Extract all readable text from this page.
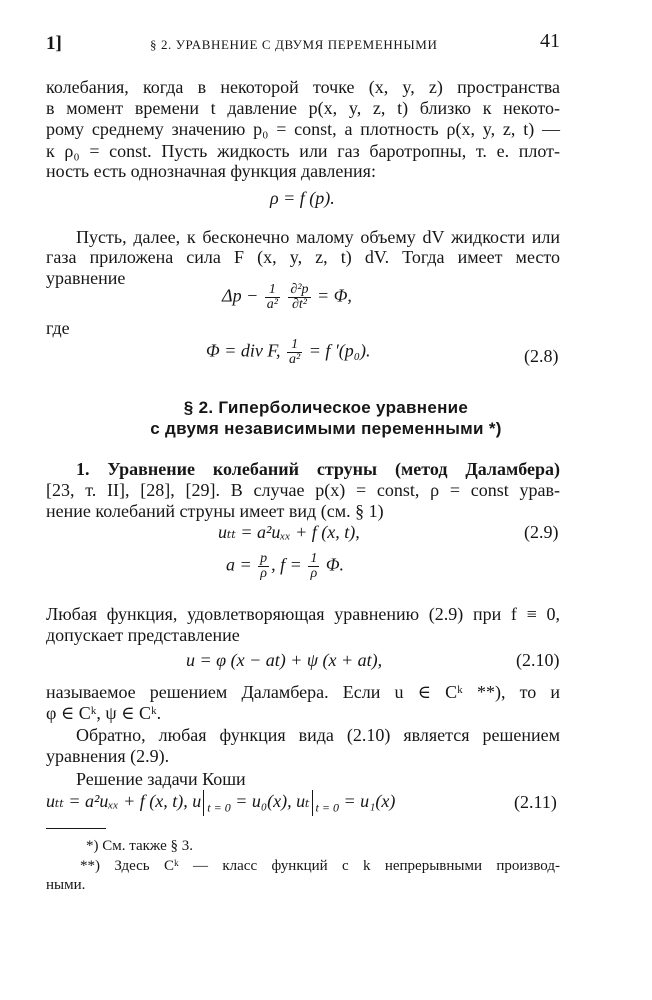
1]	§ 2. УРАВНЕНИЕ С ДВУМЯ ПЕРЕМЕННЫМИ	41
колебания, когда в некоторой точке (x, y, z) пространства
в момент времени t давление p(x, y, z, t) близко к некото-
рому среднему значению p₀ = const, а плотность ρ(x, y, z, t) —
к ρ₀ = const. Пусть жидкость или газ баротропны, т. е. плот-
ность есть однозначная функция давления:
ρ = f (p).
Пусть, далее, к бесконечно малому объему dV жидкости или
газа приложена сила F (x, y, z, t) dV. Тогда имеет место
уравнение
$\Delta p - \frac{1}{\text{a²}}$
$\frac{\text{∂²p}}{\text{∂t²}} = \Phi$,
где
Φ = div F, $\frac{1}{\text{a²}} = f$ ′(p₀).	(2.8)
§ 2. Гиперболическое уравнение
с двумя независимыми переменными *)
1. Уравнение колебаний струны (метод Даламбера)
[23, т. II], [28], [29]. В случае p(x) = const, ρ = const урав-
нение колебаний струны имеет вид (см. § 1)
uₜₜ = a²uₓₓ + f (x, t),	(2.9)
$a = \frac{p}{\rho}$ , $f = \frac{1}{\rho} \Phi$.
Любая функция, удовлетворяющая уравнению (2.9) при f ≡ 0,
допускает представление
u = φ (x − at) + ψ (x + at),	(2.10)
называемое решением Даламбера. Если u ∈ Cᵏ **), то и
φ ∈ Cᵏ, ψ ∈ Cᵏ.
Обратно, любая функция вида (2.10) является решением
уравнения (2.9).
Решение задачи Коши
uₜₜ = a²uₓₓ + f (x, t), u $_{t = 0}$ = u₀(x), uₜ $_{t = 0}$ = u₁(x)	(2.11)
*) См. также § 3.
**) Здесь Cᵏ — класс функций с k непрерывными производ-
ными.
